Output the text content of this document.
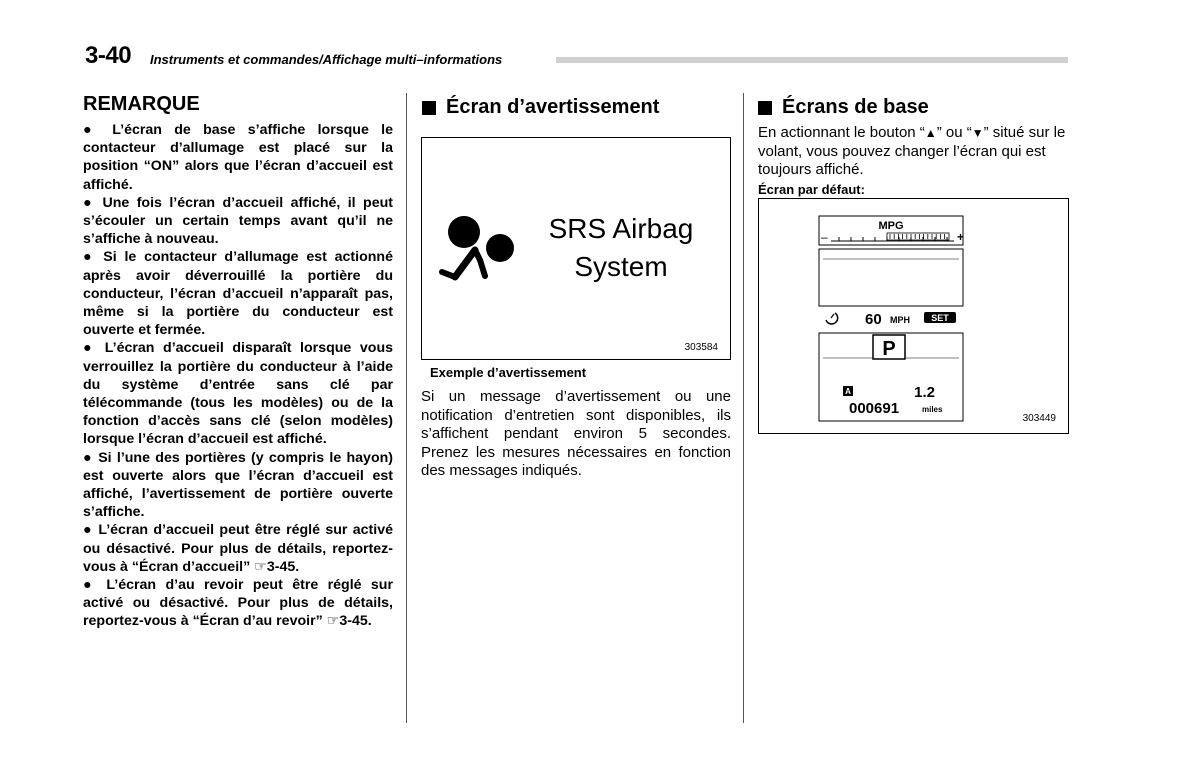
3-40 Instruments et commandes/Affichage multi–informations
REMARQUE

● L’écran de base s’affiche lorsque le contacteur d’allumage est placé sur la position “ON” alors que l’écran d’accueil est affiché.

● Une fois l’écran d’accueil affiché, il peut s’écouler un certain temps avant qu’il ne s’affiche à nouveau.

● Si le contacteur d’allumage est actionné après avoir déverrouillé la portière du conducteur, l’écran d’accueil n’apparaît pas, même si la portière du conducteur est ouverte et fermée.

● L’écran d’accueil disparaît lorsque vous verrouillez la portière du conducteur à l’aide du système d’entrée sans clé par télécommande (tous les modèles) ou de la fonction d’accès sans clé (selon modèles) lorsque l’écran d’accueil est affiché.

● Si l’une des portières (y compris le hayon) est ouverte alors que l’écran d’accueil est affiché, l’avertissement de portière ouverte s’affiche.

● L’écran d’accueil peut être réglé sur activé ou désactivé. Pour plus de détails, reportez-vous à “Écran d’accueil” ☞3-45.

● L’écran d’au revoir peut être réglé sur activé ou désactivé. Pour plus de détails, reportez-vous à “Écran d’au revoir” ☞3-45.

Écran d’avertissement
SRS Airbag
System
303584
Exemple d’avertissement
Si un message d’avertissement ou une notification d’entretien sont disponibles, ils s’affichent pendant environ 5 secondes. Prenez les mesures nécessaires en fonction des messages indiqués.
Écrans de base
En actionnant le bouton “▲” ou “▼” situé sur le volant, vous pouvez changer l’écran qui est toujours affiché.
Écran par défaut:
MPG
–	+
60 MPH SET
P
A	1.2
000691	miles
303449
